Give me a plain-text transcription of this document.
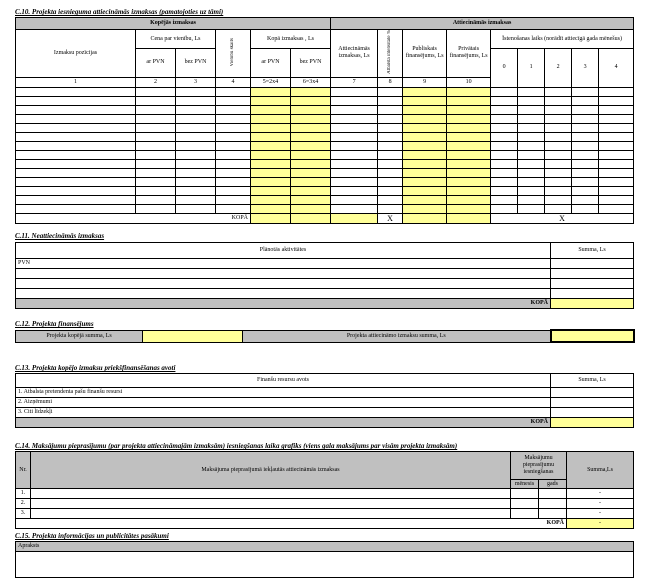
C.10. Projekta iesnieguma attiecināmās izmaksas (pamatojoties uz tāmi)
Kopējās izmaksas						Attiecināmās izmaksas								
Izmaksu pozīcijas	Cena par vienību, Ls		Vienību skaits	Kopā izmaksas , Ls		Attiecināmās izmaksas, Ls	Atbalsta intensitāte %	Publiskais finansējums, Ls	Privātais finansējums, Ls	Īstenošanas laiks (norādīt attiecīgā gada mēnešus)				
	ar PVN	bez PVN		ar PVN	bez PVN					0	1	2	3	4
1	2	3	4	5=2x4	6=3x4	7	8	9	10					

KOPĀ							X			X				
C.11. Neattiecināmās izmaksas
Plānotās aktivitātes	Summa, Ls
PVN	

KOPĀ	
C.12. Projekta finansējums
Projekta kopējā summa, Ls		Projekta attiecināmo izmaksu summa, Ls	
C.13. Projekta kopējo izmaksu priekšfinansēšanas avoti
Finanšu resursu avots	Summa, Ls
1. Atbalsta pretendenta pašu finanšu resursi	
2. Aizņēmumi	
3. Citi līdzekļi	
KOPĀ	
C.14. Maksājumu pieprasījumu (par projekta attiecināmajām izmaksām) iesniegšanas laika grafiks (viens gala maksājums par visām projekta izmaksām)
Nr.	Maksājuma pieprasījumā iekļautās attiecināmās izmaksas	Maksājumu pieprasījumu iesniegšanas		Summa,Ls
		mēnesis	gads	
1.				-
2.				-
3.				-
KOPĀ				-
C.15. Projekta informācijas un publicitātes pasākumi
Apraksts
